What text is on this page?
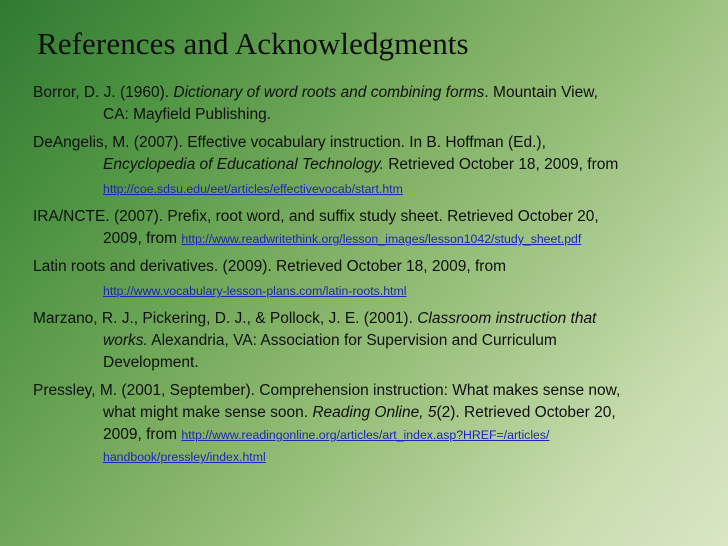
References and Acknowledgments
Borror, D. J. (1960). Dictionary of word roots and combining forms. Mountain View,
CA: Mayfield Publishing.
DeAngelis, M. (2007). Effective vocabulary instruction. In B. Hoffman (Ed.),
Encyclopedia of Educational Technology. Retrieved October 18, 2009, from
http://coe.sdsu.edu/eet/articles/effectivevocab/start.htm
IRA/NCTE. (2007). Prefix, root word, and suffix study sheet. Retrieved October 20,
2009, from http://www.readwritethink.org/lesson_images/lesson1042/study_sheet.pdf
Latin roots and derivatives. (2009). Retrieved October 18, 2009, from
http://www.vocabulary-lesson-plans.com/latin-roots.html
Marzano, R. J., Pickering, D. J., & Pollock, J. E. (2001). Classroom instruction that
works. Alexandria, VA: Association for Supervision and Curriculum
Development.
Pressley, M. (2001, September). Comprehension instruction: What makes sense now,
what might make sense soon. Reading Online, 5(2). Retrieved October 20,
2009, from http://www.readingonline.org/articles/art_index.asp?HREF=/articles/
handbook/pressley/index.html
